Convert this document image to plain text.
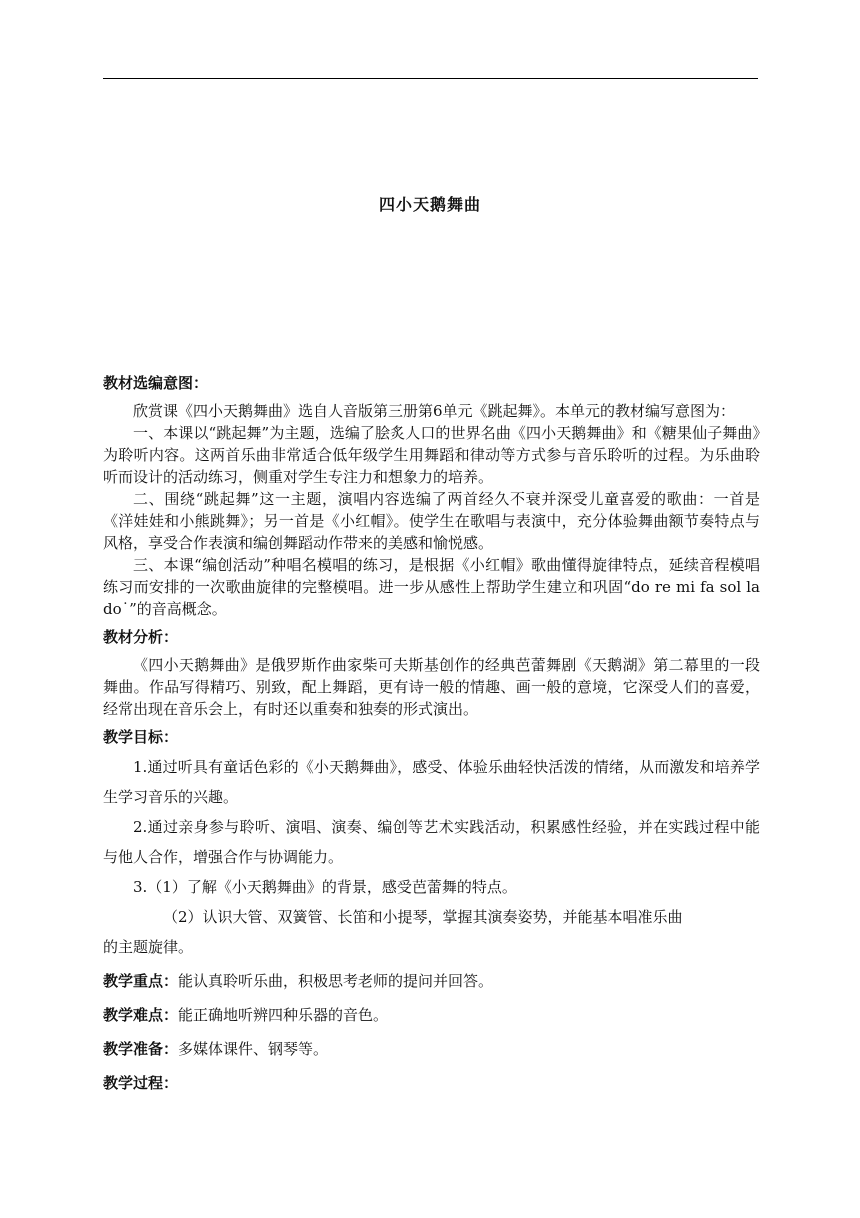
四小天鹅舞曲

教材选编意图：

欣赏课《四小天鹅舞曲》选自人音版第三册第6单元《跳起舞》。本单元的教材编写意图为：

一、本课以“跳起舞”为主题，选编了脍炙人口的世界名曲《四小天鹅舞曲》和《糖果仙子舞曲》为聆听内容。这两首乐曲非常适合低年级学生用舞蹈和律动等方式参与音乐聆听的过程。为乐曲聆听而设计的活动练习，侧重对学生专注力和想象力的培养。

二、围绕“跳起舞”这一主题，演唱内容选编了两首经久不衰并深受儿童喜爱的歌曲：一首是《洋娃娃和小熊跳舞》；另一首是《小红帽》。使学生在歌唱与表演中，充分体验舞曲额节奏特点与风格，享受合作表演和编创舞蹈动作带来的美感和愉悦感。

三、本课“编创活动”种唱名模唱的练习，是根据《小红帽》歌曲懂得旋律特点，延续音程模唱练习而安排的一次歌曲旋律的完整模唱。进一步从感性上帮助学生建立和巩固“do re mi fa sol la do˙”的音高概念。

教材分析：

《四小天鹅舞曲》是俄罗斯作曲家柴可夫斯基创作的经典芭蕾舞剧《天鹅湖》第二幕里的一段舞曲。作品写得精巧、别致，配上舞蹈，更有诗一般的情趣、画一般的意境，它深受人们的喜爱，经常出现在音乐会上，有时还以重奏和独奏的形式演出。

教学目标：

1.通过听具有童话色彩的《小天鹅舞曲》，感受、体验乐曲轻快活泼的情绪，从而激发和培养学生学习音乐的兴趣。

2.通过亲身参与聆听、演唱、演奏、编创等艺术实践活动，积累感性经验，并在实践过程中能与他人合作，增强合作与协调能力。

3.（1）了解《小天鹅舞曲》的背景，感受芭蕾舞的特点。

（2）认识大管、双簧管、长笛和小提琴，掌握其演奏姿势，并能基本唱准乐曲

的主题旋律。

教学重点：能认真聆听乐曲，积极思考老师的提问并回答。

教学难点：能正确地听辨四种乐器的音色。

教学准备：多媒体课件、钢琴等。

教学过程：
